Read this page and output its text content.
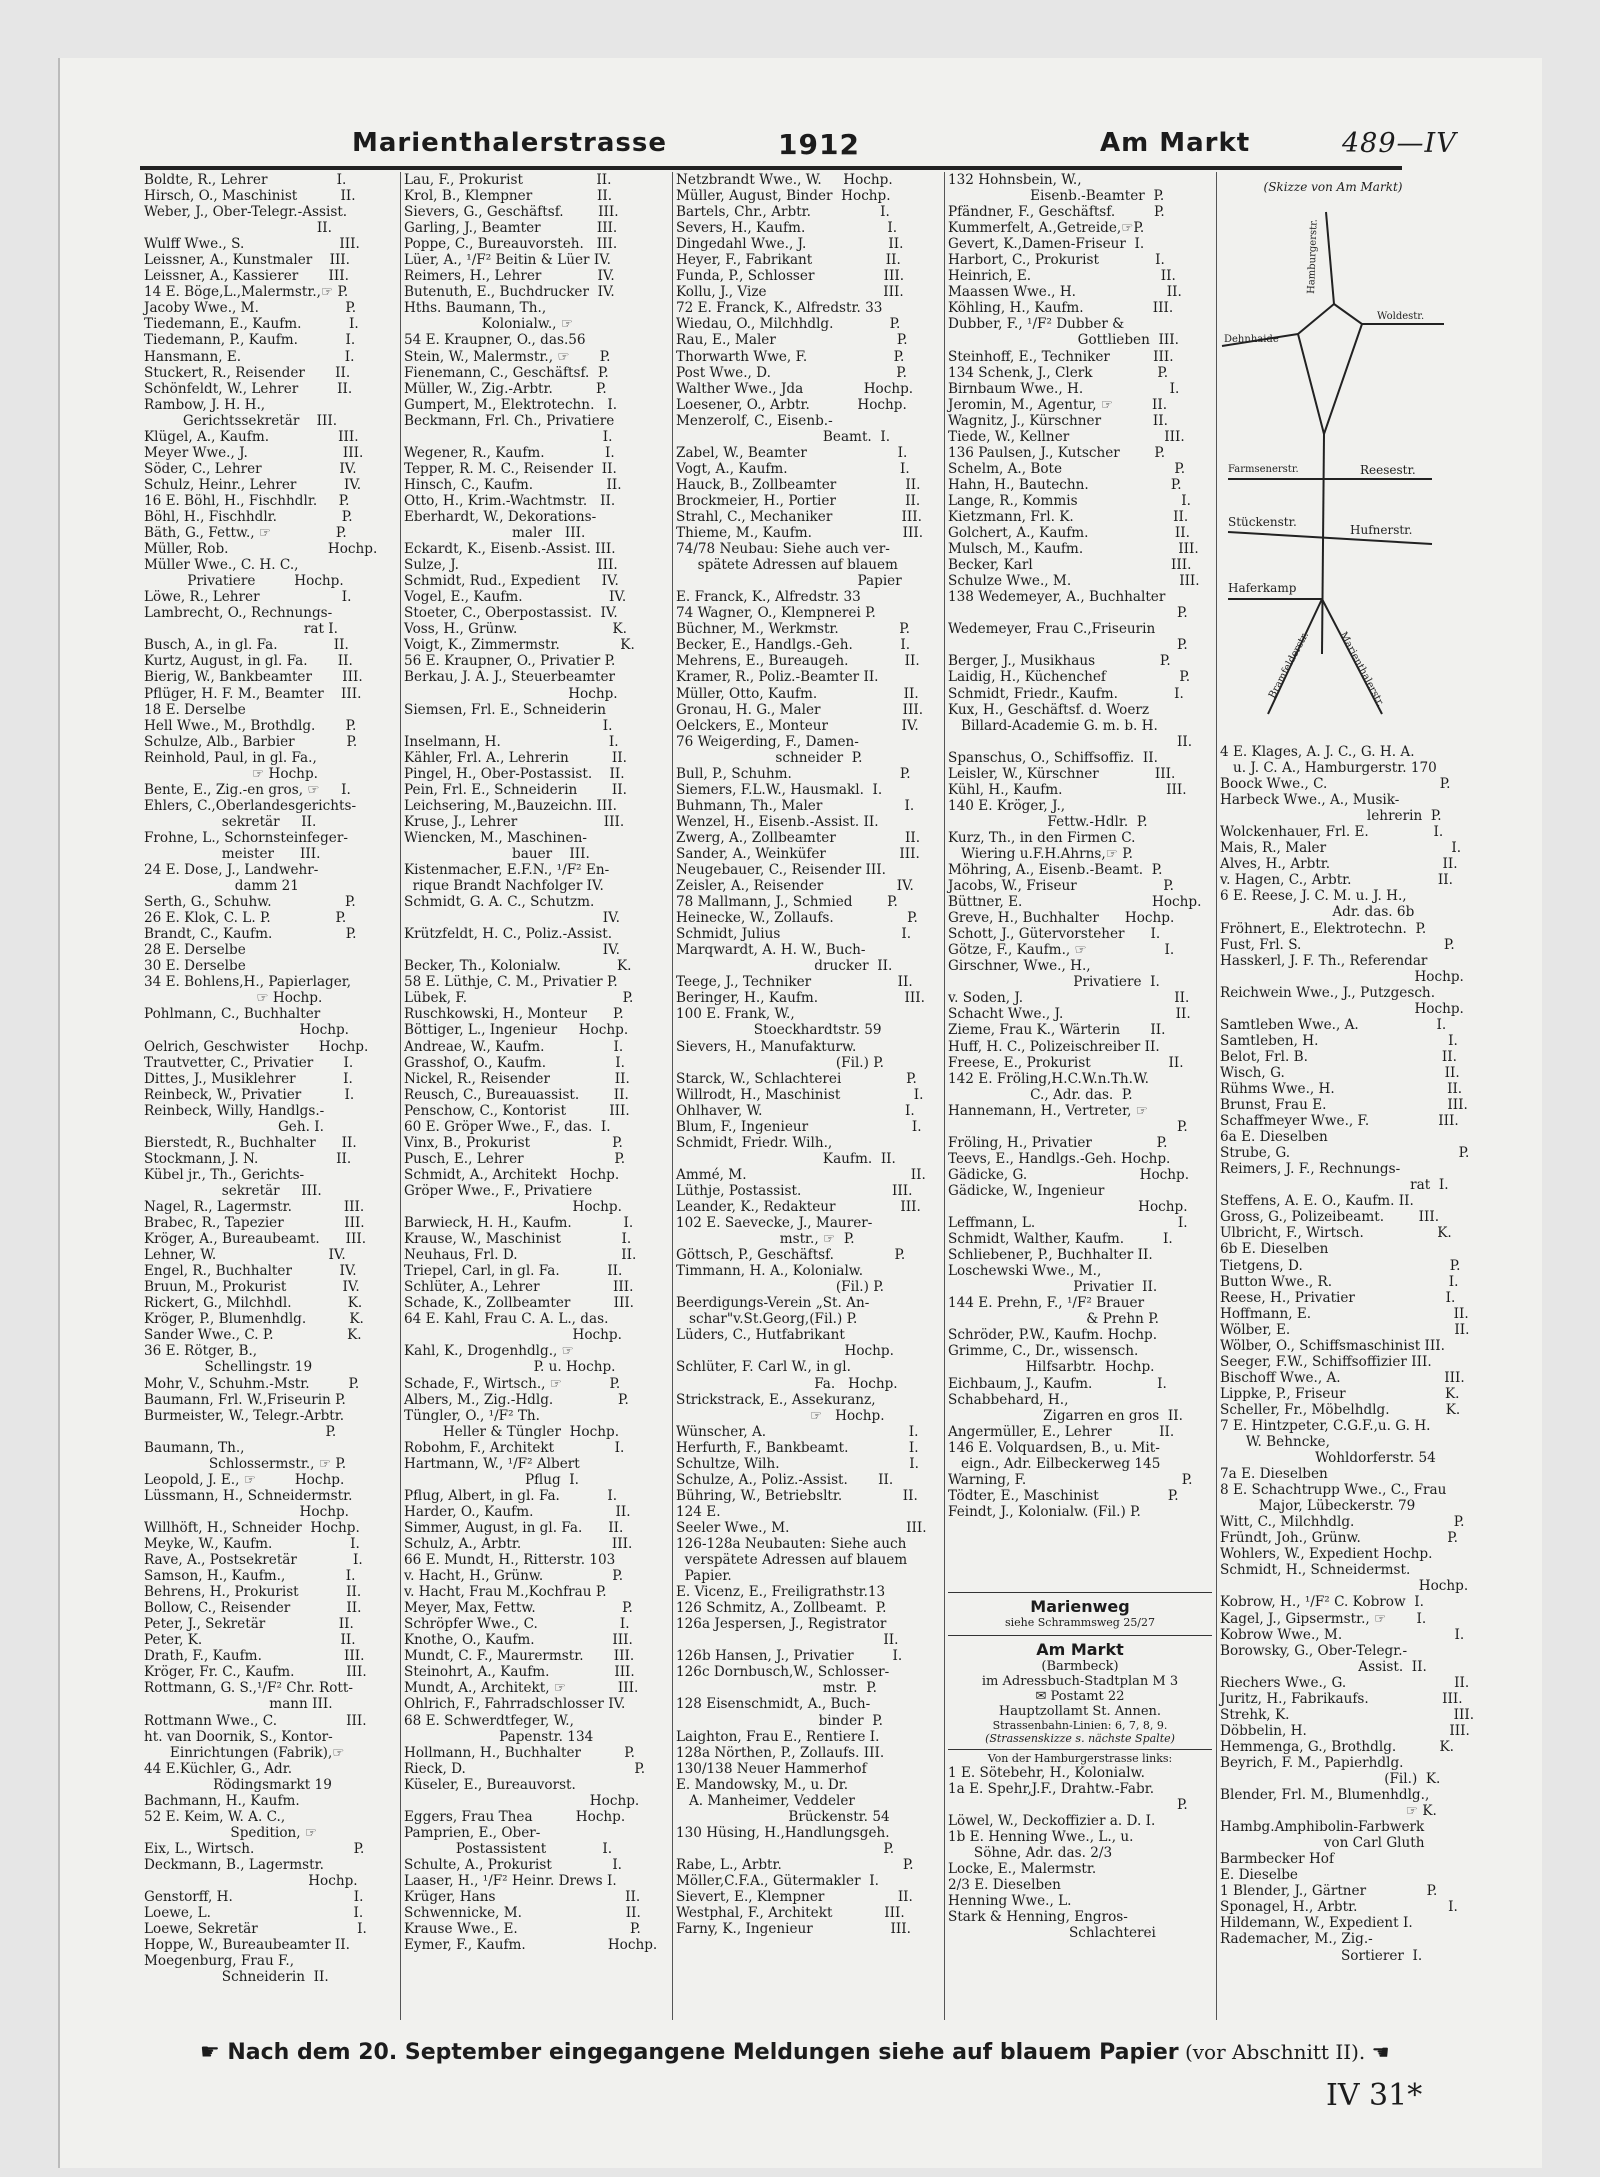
Marienthalerstrasse	1912	Am Markt	489—IV
Boldte, R., Lehrer                I.
Hirsch, O., Maschinist          II.
Weber, J., Ober-Telegr.-Assist.
II.
Wulff Wwe., S.                      III.
Leissner, A., Kunstmaler    III.
Leissner, A., Kassierer       III.
14 E. Böge,L.,Malermstr.,☞ P.
Jacoby Wwe., M.                    P.
Tiedemann, E., Kaufm.           I.
Tiedemann, P., Kaufm.           I.
Hansmann, E.                        I.
Stuckert, R., Reisender       II.
Schönfeldt, W., Lehrer         II.
Rambow, J. H. H.,
Gerichtssekretär    III.
Klügel, A., Kaufm.                III.
Meyer Wwe., J.                      III.
Söder, C., Lehrer                  IV.
Schulz, Heinr., Lehrer           IV.
16 E. Böhl, H., Fischhdlr.     P.
Böhl, H., Fischhdlr.               P.
Bäth, G., Fettw., ☞               P.
Müller, Rob.                       Hochp.
Müller Wwe., C. H. C.,
Privatiere         Hochp.
Löwe, R., Lehrer                   I.
Lambrecht, O., Rechnungs-
rat I.
Busch, A., in gl. Fa.             II.
Kurtz, August, in gl. Fa.       II.
Bierig, W., Bankbeamter       III.
Pflüger, H. F. M., Beamter    III.
18 E. Derselbe
Hell Wwe., M., Brothdlg.       P.
Schulze, Alb., Barbier            P.
Reinhold, Paul, in gl. Fa.,
☞ Hochp.
Bente, E., Zig.-en gros, ☞     I.
Ehlers, C.,Oberlandesgerichts-
sekretär     II.
Frohne, L., Schornsteinfeger-
meister      III.
24 E. Dose, J., Landwehr-
damm 21
Serth, G., Schuhw.                 P.
26 E. Klok, C. L. P.               P.
Brandt, C., Kaufm.                 P.
28 E. Derselbe
30 E. Derselbe
34 E. Bohlens,H., Papierlager,
☞ Hochp.
Pohlmann, C., Buchhalter
Hochp.
Oelrich, Geschwister       Hochp.
Trautvetter, C., Privatier       I.
Dittes, J., Musiklehrer           I.
Reinbeck, W., Privatier          I.
Reinbeck, Willy, Handlgs.-
Geh. I.
Bierstedt, R., Buchhalter      II.
Stockmann, J. N.                  II.
Kübel jr., Th., Gerichts-
sekretär     III.
Nagel, R., Lagermstr.            III.
Brabec, R., Tapezier              III.
Kröger, A., Bureaubeamt.      III.
Lehner, W.                          IV.
Engel, R., Buchhalter           IV.
Bruun, M., Prokurist             IV.
Rickert, G., Milchhdl.             K.
Kröger, P., Blumenhdlg.          K.
Sander Wwe., C. P.                 K.
36 E. Rötger, B.,
Schellingstr. 19
Mohr, V., Schuhm.-Mstr.         P.
Baumann, Frl. W.,Friseurin P.
Burmeister, W., Telegr.-Arbtr.
P.
Baumann, Th.,
Schlossermstr., ☞ P.
Leopold, J. E., ☞         Hochp.
Lüssmann, H., Schneidermstr.
Hochp.
Willhöft, H., Schneider  Hochp.
Meyke, W., Kaufm.                  I.
Rave, A., Postsekretär             I.
Samson, H., Kaufm.,              I.
Behrens, H., Prokurist           II.
Bollow, C., Reisender             II.
Peter, J., Sekretär                 II.
Peter, K.                                II.
Drath, F., Kaufm.                   III.
Kröger, Fr. C., Kaufm.            III.
Rottmann, G. S.,¹/F² Chr. Rott-
mann III.
Rottmann Wwe., C.                III.
ht. van Doornik, S., Kontor-
Einrichtungen (Fabrik),☞
44 E.Küchler, G., Adr.
Rödingsmarkt 19
Bachmann, H., Kaufm.
52 E. Keim, W. A. C.,
Spedition, ☞
Eix, L., Wirtsch.                       P.
Deckmann, B., Lagermstr.
Hochp.
Genstorff, H.                            I.
Loewe, L.                                 I.
Loewe, Sekretär                       I.
Hoppe, W., Bureaubeamter II.
Moegenburg, Frau F.,
Schneiderin  II.
Lau, F., Prokurist                 II.
Krol, B., Klempner               II.
Sievers, G., Geschäftsf.        III.
Garling, J., Beamter             III.
Poppe, C., Bureauvorsteh.   III.
Lüer, A., ¹/F² Beitin & Lüer IV.
Reimers, H., Lehrer             IV.
Butenuth, E., Buchdrucker  IV.
Hths. Baumann, Th.,
Kolonialw., ☞
54 E. Kraupner, O., das.56
Stein, W., Malermstr., ☞       P.
Fienemann, C., Geschäftsf.  P.
Müller, W., Zig.-Arbtr.          P.
Gumpert, M., Elektrotechn.   I.
Beckmann, Frl. Ch., Privatiere
I.
Wegener, R., Kaufm.              I.
Tepper, R. M. C., Reisender  II.
Hinsch, C., Kaufm.                 II.
Otto, H., Krim.-Wachtmstr.   II.
Eberhardt, W., Dekorations-
maler   III.
Eckardt, K., Eisenb.-Assist. III.
Sulze, J.                                III.
Schmidt, Rud., Expedient     IV.
Vogel, E., Kaufm.                    IV.
Stoeter, C., Oberpostassist.  IV.
Voss, H., Grünw.                      K.
Voigt, K., Zimmermstr.              K.
56 E. Kraupner, O., Privatier P.
Berkau, J. A. J., Steuerbeamter
Hochp.
Siemsen, Frl. E., Schneiderin
I.
Inselmann, H.                         I.
Kähler, Frl. A., Lehrerin          II.
Pingel, H., Ober-Postassist.    II.
Pein, Frl. E., Schneiderin        II.
Leichsering, M.,Bauzeichn. III.
Kruse, J., Lehrer                    III.
Wiencken, M., Maschinen-
bauer    III.
Kistenmacher, E.F.N., ¹/F² En-
rique Brandt Nachfolger IV.
Schmidt, G. A. C., Schutzm.
IV.
Krützfeldt, H. C., Poliz.-Assist.
IV.
Becker, Th., Kolonialw.             K.
58 E. Lüthje, C. M., Privatier P.
Lübek, F.                                    P.
Ruschkowski, H., Monteur      P.
Böttiger, L., Ingenieur     Hochp.
Andreae, W., Kaufm.                I.
Grasshof, O., Kaufm.                I.
Nickel, R., Reisender               II.
Reusch, C., Bureauassist.        II.
Penschow, C., Kontorist          III.
60 E. Gröper Wwe., F., das.  I.
Vinx, B., Prokurist                   P.
Pusch, E., Lehrer                     P.
Schmidt, A., Architekt   Hochp.
Gröper Wwe., F., Privatiere
Hochp.
Barwieck, H. H., Kaufm.            I.
Krause, W., Maschinist              I.
Neuhaus, Frl. D.                        II.
Triepel, Carl, in gl. Fa.           II.
Schlüter, A., Lehrer                 III.
Schade, K., Zollbeamter          III.
64 E. Kahl, Frau C. A. L., das.
Hochp.
Kahl, K., Drogenhdlg., ☞
P. u. Hochp.
Schade, F., Wirtsch., ☞           P.
Albers, M., Zig.-Hdlg.               P.
Tüngler, O., ¹/F² Th.
Heller & Tüngler  Hochp.
Robohm, F., Architekt              I.
Hartmann, W., ¹/F² Albert
Pflug  I.
Pflug, Albert, in gl. Fa.           I.
Harder, O., Kaufm.                   II.
Simmer, August, in gl. Fa.      II.
Schulz, A., Arbtr.                     III.
66 E. Mundt, H., Ritterstr. 103
v. Hacht, H., Grünw.                P.
v. Hacht, Frau M.,Kochfrau P.
Meyer, Max, Fettw.                    P.
Schröpfer Wwe., C.                   I.
Knothe, O., Kaufm.                  III.
Mundt, C. F., Maurermstr.       III.
Steinohrt, A., Kaufm.               III.
Mundt, A., Architekt, ☞            III.
Ohlrich, F., Fahrradschlosser IV.
68 E. Schwerdtfeger, W.,
Papenstr. 134
Hollmann, H., Buchhalter          P.
Rieck, D.                                       P.
Küseler, E., Bureauvorst.
Hochp.
Eggers, Frau Thea          Hochp.
Pamprien, E., Ober-
Postassistent             I.
Schulte, A., Prokurist              I.
Laaser, H., ¹/F² Heinr. Drews I.
Krüger, Hans                              II.
Schwennicke, M.                        II.
Krause Wwe., E.                          P.
Eymer, F., Kaufm.                   Hochp.
Netzbrandt Wwe., W.     Hochp.
Müller, August, Binder  Hochp.
Bartels, Chr., Arbtr.                I.
Severs, H., Kaufm.                   I.
Dingedahl Wwe., J.                   II.
Heyer, F., Fabrikant                 II.
Funda, P., Schlosser                III.
Kollu, J., Vize                           III.
72 E. Franck, K., Alfredstr. 33
Wiedau, O., Milchhdlg.             P.
Rau, E., Maler                            P.
Thorwarth Wwe, F.                    P.
Post Wwe., D.                             P.
Walther Wwe., Jda              Hochp.
Loesener, O., Arbtr.           Hochp.
Menzerolf, C., Eisenb.-
Beamt.  I.
Zabel, W., Beamter                     I.
Vogt, A., Kaufm.                          I.
Hauck, B., Zollbeamter                II.
Brockmeier, H., Portier                II.
Strahl, C., Mechaniker                III.
Thieme, M., Kaufm.                     III.
74/78 Neubau: Siehe auch ver-
spätete Adressen auf blauem
Papier
E. Franck, K., Alfredstr. 33
74 Wagner, O., Klempnerei P.
Büchner, M., Werkmstr.              P.
Becker, E., Handlgs.-Geh.           I.
Mehrens, E., Bureaugeh.             II.
Kramer, R., Poliz.-Beamter II.
Müller, Otto, Kaufm.                    II.
Gronau, H. G., Maler                   III.
Oelckers, E., Monteur                 IV.
76 Weigerding, F., Damen-
schneider  P.
Bull, P., Schuhm.                         P.
Siemers, F.L.W., Hausmakl.  I.
Buhmann, Th., Maler                   I.
Wenzel, H., Eisenb.-Assist. II.
Zwerg, A., Zollbeamter                II.
Sander, A., Weinküfer                 III.
Neugebauer, C., Reisender III.
Zeisler, A., Reisender                 IV.
78 Mallmann, J., Schmied        P.
Heinecke, W., Zollaufs.                 P.
Schmidt, Julius                            I.
Marqwardt, A. H. W., Buch-
drucker  II.
Teege, J., Techniker                    II.
Beringer, H., Kaufm.                    III.
100 E. Frank, W.,
Stoeckhardtstr. 59
Sievers, H., Manufakturw.
(Fil.) P.
Starck, W., Schlachterei               P.
Willrodt, H., Maschinist                 I.
Ohlhaver, W.                                 I.
Blum, F., Ingenieur                        I.
Schmidt, Friedr. Wilh.,
Kaufm.  II.
Ammé, M.                                      II.
Lüthje, Postassist.                     III.
Leander, K., Redakteur               III.
102 E. Saevecke, J., Maurer-
mstr., ☞  P.
Göttsch, P., Geschäftsf.              P.
Timmann, H. A., Kolonialw.
(Fil.) P.
Beerdigungs-Verein „St. An-
schar"v.St.Georg,(Fil.) P.
Lüders, C., Hutfabrikant
Hochp.
Schlüter, F. Carl W., in gl.
Fa.   Hochp.
Strickstrack, E., Assekuranz,
☞   Hochp.
Wünscher, A.                                 I.
Herfurth, F., Bankbeamt.              I.
Schultze, Wilh.                              I.
Schulze, A., Poliz.-Assist.       II.
Bühring, W., Betriebsltr.              II.
124 E.
Seeler Wwe., M.                           III.
126-128a Neubauten: Siehe auch
verspätete Adressen auf blauem
Papier.
E. Vicenz, E., Freiligrathstr.13
126 Schmitz, A., Zollbeamt.  P.
126a Jespersen, J., Registrator
II.
126b Hansen, J., Privatier         I.
126c Dornbusch,W., Schlosser-
mstr.  P.
128 Eisenschmidt, A., Buch-
binder  P.
Laighton, Frau E., Rentiere I.
128a Nörthen, P., Zollaufs. III.
130/138 Neuer Hammerhof
E. Mandowsky, M., u. Dr.
A. Manheimer, Veddeler
Brückenstr. 54
130 Hüsing, H.,Handlungsgeh.
P.
Rabe, L., Arbtr.                            P.
Möller,C.F.A., Gütermakler  I.
Sievert, E., Klempner                 II.
Westphal, F., Architekt            III.
Farny, K., Ingenieur                  III.
132 Hohnsbein, W.,
Eisenb.-Beamter  P.
Pfändner, F., Geschäftsf.         P.
Kummerfelt, A.,Getreide,☞P.
Gevert, K.,Damen-Friseur  I.
Harbort, C., Prokurist             I.
Heinrich, E.                              II.
Maassen Wwe., H.                     II.
Köhling, H., Kaufm.                III.
Dubber, F., ¹/F² Dubber &
Gottlieben  III.
Steinhoff, E., Techniker          III.
134 Schenk, J., Clerk               P.
Birnbaum Wwe., H.                    I.
Jeromin, M., Agentur, ☞         II.
Wagnitz, J., Kürschner            II.
Tiede, W., Kellner                      III.
136 Paulsen, J., Kutscher        P.
Schelm, A., Bote                          P.
Hahn, H., Bautechn.                   P.
Lange, R., Kommis                        I.
Kietzmann, Frl. K.                       II.
Golchert, A., Kaufm.                    II.
Mulsch, M., Kaufm.                      III.
Becker, Karl                                III.
Schulze Wwe., M.                         III.
138 Wedemeyer, A., Buchhalter
P.
Wedemeyer, Frau C.,Friseurin
P.
Berger, J., Musikhaus               P.
Laidig, H., Küchenchef                 P.
Schmidt, Friedr., Kaufm.             I.
Kux, H., Geschäftsf. d. Woerz
Billard-Academie G. m. b. H.
II.
Spanschus, O., Schiffsoffiz.  II.
Leisler, W., Kürschner             III.
Kühl, H., Kaufm.                        III.
140 E. Kröger, J.,
Fettw.-Hdlr.  P.
Kurz, Th., in den Firmen C.
Wiering u.F.H.Ahrns,☞ P.
Möhring, A., Eisenb.-Beamt.  P.
Jacobs, W., Friseur                    P.
Büttner, E.                              Hochp.
Greve, H., Buchhalter      Hochp.
Schott, J., Gütervorsteher      I.
Götze, F., Kaufm., ☞                  I.
Girschner, Wwe., H.,
Privatiere  I.
v. Soden, J.                                   II.
Schacht Wwe., J.                          II.
Zieme, Frau K., Wärterin       II.
Huff, H. C., Polizeischreiber II.
Freese, E., Prokurist                  II.
142 E. Fröling,H.C.W.n.Th.W.
C., Adr. das.  P.
Hannemann, H., Vertreter, ☞
P.
Fröling, H., Privatier               P.
Teevs, E., Handlgs.-Geh. Hochp.
Gädicke, G.                          Hochp.
Gädicke, W., Ingenieur
Hochp.
Leffmann, L.                                 I.
Schmidt, Walther, Kaufm.         I.
Schliebener, P., Buchhalter II.
Loschewski Wwe., M.,
Privatier  II.
144 E. Prehn, F., ¹/F² Brauer
& Prehn P.
Schröder, P.W., Kaufm. Hochp.
Grimme, C., Dr., wissensch.
Hilfsarbtr.  Hochp.
Eichbaum, J., Kaufm.               I.
Schabbehard, H.,
Zigarren en gros  II.
Angermüller, E., Lehrer           II.
146 E. Volquardsen, B., u. Mit-
eign., Adr. Eilbeckerweg 145
Warning, F.                                    P.
Tödter, E., Maschinist                P.
Feindt, J., Kolonialw. (Fil.) P.
Marienweg
siehe Schrammsweg 25/27
Am Markt
(Barmbeck)
im Adressbuch-Stadtplan M 3
✉ Postamt 22
Hauptzollamt St. Annen.
Strassenbahn-Linien: 6, 7, 8, 9.
(Strassenskizze s. nächste Spalte)
Von der Hamburgerstrasse links:
1 E. Sötebehr, H., Kolonialw.
1a E. Spehr,J.F., Drahtw.-Fabr.
P.
Löwel, W., Deckoffizier a. D. I.
1b E. Henning Wwe., L., u.
Söhne, Adr. das. 2/3
Locke, E., Malermstr.
2/3 E. Dieselben
Henning Wwe., L.
Stark & Henning, Engros-
Schlachterei
(Skizze von Am Markt)
Hamburgerstr.
Woldestr.
Dehnhaide
Farmsenerstr.	Reesestr.
Stückenstr.
Hufnerstr.
Haferkamp
Bramfelderstr.	Marienthalerstr.
4 E. Klages, A. J. C., G. H. A.
u. J. C. A., Hamburgerstr. 170
Boock Wwe., C.                          P.
Harbeck Wwe., A., Musik-
lehrerin  P.
Wolckenhauer, Frl. E.               I.
Mais, R., Maler                             I.
Alves, H., Arbtr.                          II.
v. Hagen, C., Arbtr.                    II.
6 E. Reese, J. C. M. u. J. H.,
Adr. das. 6b
Fröhnert, E., Elektrotechn.  P.
Fust, Frl. S.                                 P.
Hasskerl, J. F. Th., Referendar
Hochp.
Reichwein Wwe., J., Putzgesch.
Hochp.
Samtleben Wwe., A.                  I.
Samtleben, H.                              I.
Belot, Frl. B.                               II.
Wisch, G.                                     II.
Rühms Wwe., H.                          II.
Brunst, Frau E.                            III.
Schaffmeyer Wwe., F.                III.
6a E. Dieselben
Strube, G.                                       P.
Reimers, J. F., Rechnungs-
rat  I.
Steffens, A. E. O., Kaufm. II.
Gross, G., Polizeibeamt.        III.
Ulbricht, F., Wirtsch.                 K.
6b E. Dieselben
Tietgens, D.                                  P.
Button Wwe., R.                           I.
Reese, H., Privatier                     I.
Hoffmann, E.                                 II.
Wölber, E.                                      II.
Wölber, O., Schiffsmaschinist III.
Seeger, F.W., Schiffsoffizier III.
Bischoff Wwe., A.                        III.
Lippke, P., Friseur                       K.
Scheller, Fr., Möbelhdlg.             K.
7 E. Hintzpeter, C.G.F.,u. G. H.
W. Behncke,
Wohldorferstr. 54
7a E. Dieselben
8 E. Schachtrupp Wwe., C., Frau
Major, Lübeckerstr. 79
Witt, C., Milchhdlg.                       P.
Fründt, Joh., Grünw.                    P.
Wohlers, W., Expedient Hochp.
Schmidt, H., Schneidermst.
Hochp.
Kobrow, H., ¹/F² C. Kobrow  I.
Kagel, J., Gipsermstr., ☞       I.
Kobrow Wwe., M.                          I.
Borowsky, G., Ober-Telegr.-
Assist.  II.
Riechers Wwe., G.                         II.
Juritz, H., Fabrikaufs.                 III.
Strehk, K.                                      III.
Döbbelin, H.                                 III.
Hemmenga, G., Brothdlg.          K.
Beyrich, F. M., Papierhdlg.
(Fil.)  K.
Blender, Frl. M., Blumenhdlg.,
☞ K.
Hambg.Amphibolin-Farbwerk
von Carl Gluth
Barmbecker Hof
E. Dieselbe
1 Blender, J., Gärtner              P.
Sponagel, H., Arbtr.                     I.
Hildemann, W., Expedient I.
Rademacher, M., Zig.-
Sortierer  I.
☛ Nach dem 20. September eingegangene Meldungen siehe auf blauem Papier (vor Abschnitt II). ☚
IV 31*
